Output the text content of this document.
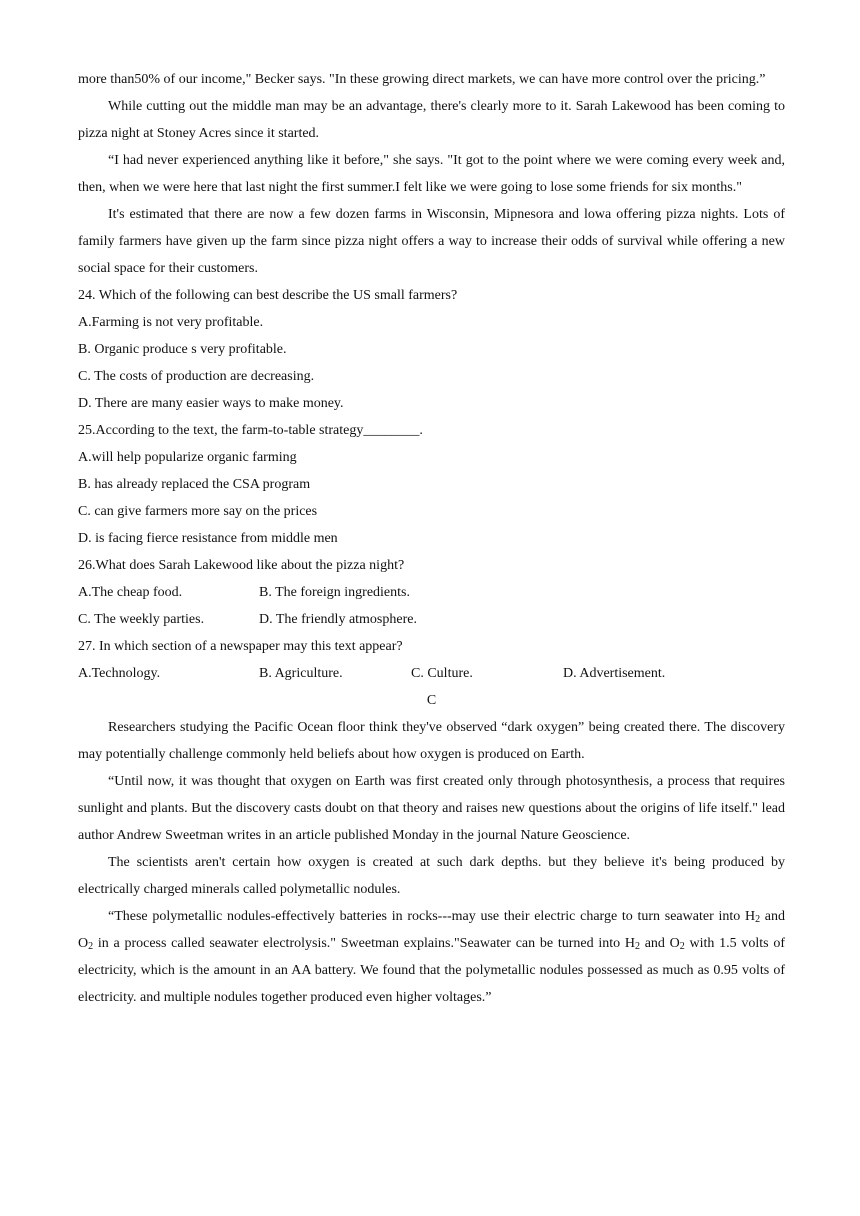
more than50% of our income," Becker says. "In these growing direct markets, we can have more control over the pricing.”

While cutting out the middle man may be an advantage, there's clearly more to it. Sarah Lakewood has been coming to pizza night at Stoney Acres since it started.

“I had never experienced anything like it before," she says. "It got to the point where we were coming every week and, then, when we were here that last night the first summer.I felt like we were going to lose some friends for six months."

It's estimated that there are now a few dozen farms in Wisconsin, Mipnesora and lowa offering pizza nights. Lots of family farmers have given up the farm since pizza night offers a way to increase their odds of survival while offering a new social space for their customers.

24. Which of the following can best describe the US small farmers?

A.Farming is not very profitable.

B. Organic produce s very profitable.

C. The costs of production are decreasing.

D. There are many easier ways to make money.

25.According to the text, the farm-to-table strategy________.

A.will help popularize organic farming

B. has already replaced the CSA program

C. can give farmers more say on the prices

D. is facing fierce resistance from middle men

26.What does Sarah Lakewood like about the pizza night?

A.The cheap food.	B. The foreign ingredients.
C. The weekly parties.	D. The friendly atmosphere.

27. In which section of a newspaper may this text appear?

A.Technology.	B. Agriculture.	C. Culture.	D. Advertisement.

C

Researchers studying the Pacific Ocean floor think they've observed “dark oxygen” being created there. The discovery may potentially challenge commonly held beliefs about how oxygen is produced on Earth.

“Until now, it was thought that oxygen on Earth was first created only through photosynthesis, a process that requires sunlight and plants. But the discovery casts doubt on that theory and raises new questions about the origins of life itself." lead author Andrew Sweetman writes in an article published Monday in the journal Nature Geoscience.

The scientists aren't certain how oxygen is created at such dark depths. but they believe it's being produced by electrically charged minerals called polymetallic nodules.

“These polymetallic nodules-effectively batteries in rocks---may use their electric charge to turn seawater into $H_2$ and $O_2$ in a process called seawater electrolysis." Sweetman explains."Seawater can be turned into $H_2$ and $O_2$ with 1.5 volts of electricity, which is the amount in an AA battery. We found that the polymetallic nodules possessed as much as 0.95 volts of electricity. and multiple nodules together produced even higher voltages.”
